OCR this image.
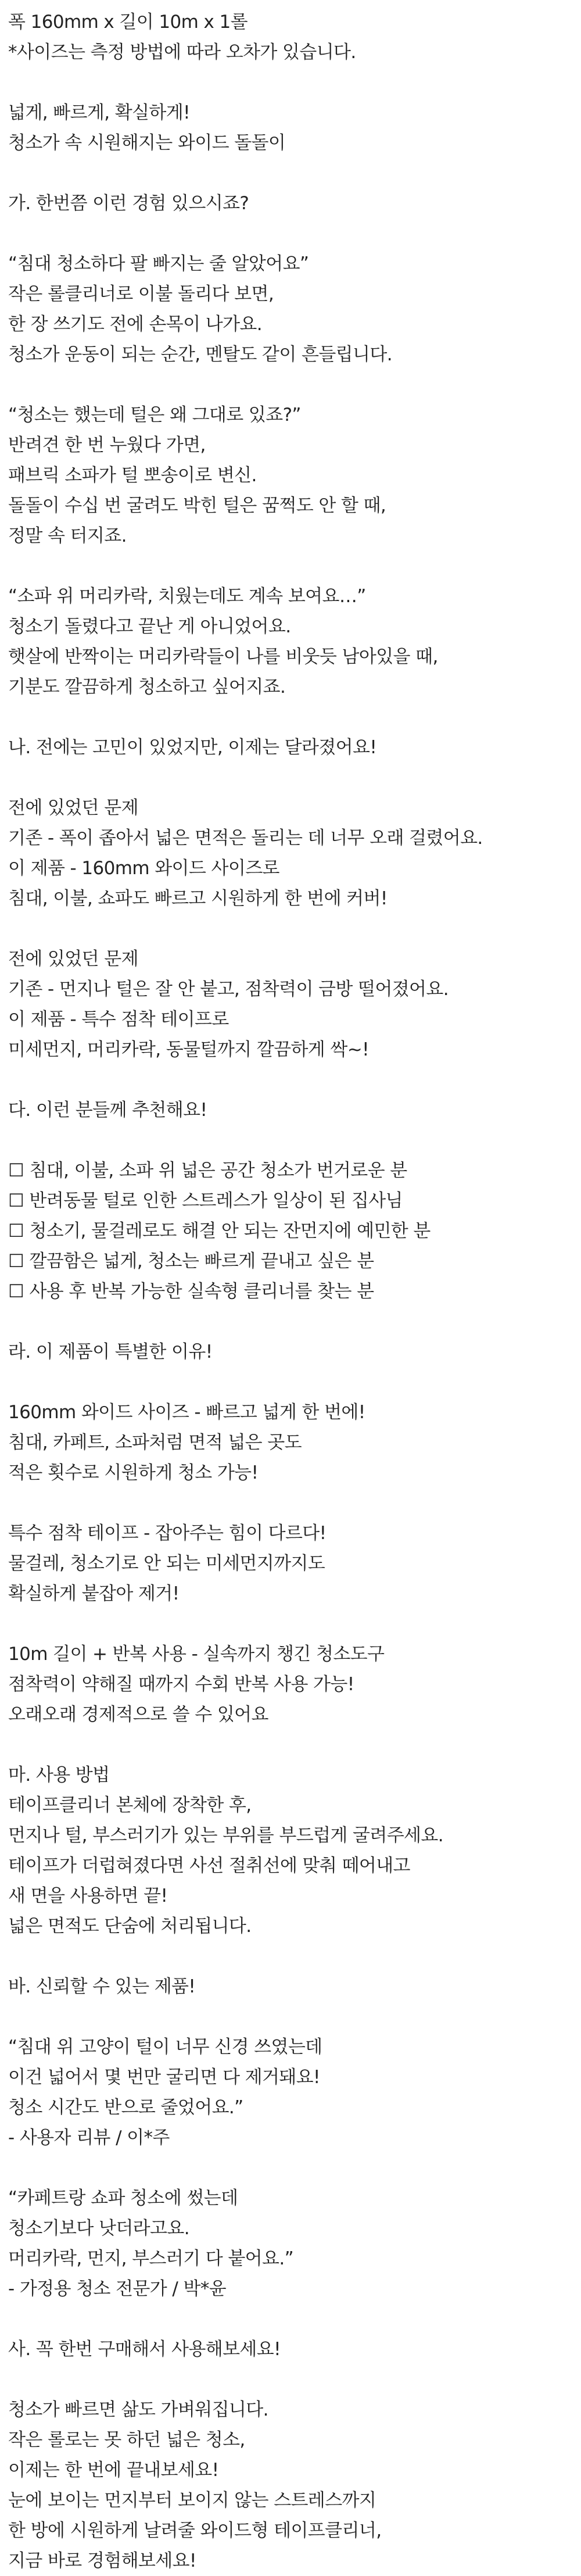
폭 160mm x 길이 10m x 1롤
*사이즈는 측정 방법에 따라 오차가 있습니다.
넓게, 빠르게, 확실하게!
청소가 속 시원해지는 와이드 돌돌이
가. 한번쯤 이런 경험 있으시죠?
“침대 청소하다 팔 빠지는 줄 알았어요”
작은 롤클리너로 이불 돌리다 보면,
한 장 쓰기도 전에 손목이 나가요.
청소가 운동이 되는 순간, 멘탈도 같이 흔들립니다.
“청소는 했는데 털은 왜 그대로 있죠?”
반려견 한 번 누웠다 가면,
패브릭 소파가 털 뽀송이로 변신.
돌돌이 수십 번 굴려도 박힌 털은 꿈쩍도 안 할 때,
정말 속 터지죠.
“소파 위 머리카락, 치웠는데도 계속 보여요…”
청소기 돌렸다고 끝난 게 아니었어요.
햇살에 반짝이는 머리카락들이 나를 비웃듯 남아있을 때,
기분도 깔끔하게 청소하고 싶어지죠.
나. 전에는 고민이 있었지만, 이제는 달라졌어요!
전에 있었던 문제
기존 - 폭이 좁아서 넓은 면적은 돌리는 데 너무 오래 걸렸어요.
이 제품 - 160mm 와이드 사이즈로
침대, 이불, 쇼파도 빠르고 시원하게 한 번에 커버!
전에 있었던 문제
기존 - 먼지나 털은 잘 안 붙고, 점착력이 금방 떨어졌어요.
이 제품 - 특수 점착 테이프로
미세먼지, 머리카락, 동물털까지 깔끔하게 싹~!
다. 이런 분들께 추천해요!
☐ 침대, 이불, 소파 위 넓은 공간 청소가 번거로운 분
☐ 반려동물 털로 인한 스트레스가 일상이 된 집사님
☐ 청소기, 물걸레로도 해결 안 되는 잔먼지에 예민한 분
☐ 깔끔함은 넓게, 청소는 빠르게 끝내고 싶은 분
☐ 사용 후 반복 가능한 실속형 클리너를 찾는 분
라. 이 제품이 특별한 이유!
160mm 와이드 사이즈 - 빠르고 넓게 한 번에!
침대, 카페트, 소파처럼 면적 넓은 곳도
적은 횟수로 시원하게 청소 가능!
특수 점착 테이프 - 잡아주는 힘이 다르다!
물걸레, 청소기로 안 되는 미세먼지까지도
확실하게 붙잡아 제거!
10m 길이 + 반복 사용 - 실속까지 챙긴 청소도구
점착력이 약해질 때까지 수회 반복 사용 가능!
오래오래 경제적으로 쓸 수 있어요
마. 사용 방법
테이프클리너 본체에 장착한 후,
먼지나 털, 부스러기가 있는 부위를 부드럽게 굴려주세요.
테이프가 더럽혀졌다면 사선 절취선에 맞춰 떼어내고
새 면을 사용하면 끝!
넓은 면적도 단숨에 처리됩니다.
바. 신뢰할 수 있는 제품!
“침대 위 고양이 털이 너무 신경 쓰였는데
이건 넓어서 몇 번만 굴리면 다 제거돼요!
청소 시간도 반으로 줄었어요.”
- 사용자 리뷰 / 이*주
“카페트랑 쇼파 청소에 썼는데
청소기보다 낫더라고요.
머리카락, 먼지, 부스러기 다 붙어요.”
- 가정용 청소 전문가 / 박*윤
사. 꼭 한번 구매해서 사용해보세요!
청소가 빠르면 삶도 가벼워집니다.
작은 롤로는 못 하던 넓은 청소,
이제는 한 번에 끝내보세요!
눈에 보이는 먼지부터 보이지 않는 스트레스까지
한 방에 시원하게 날려줄 와이드형 테이프클리너,
지금 바로 경험해보세요!
